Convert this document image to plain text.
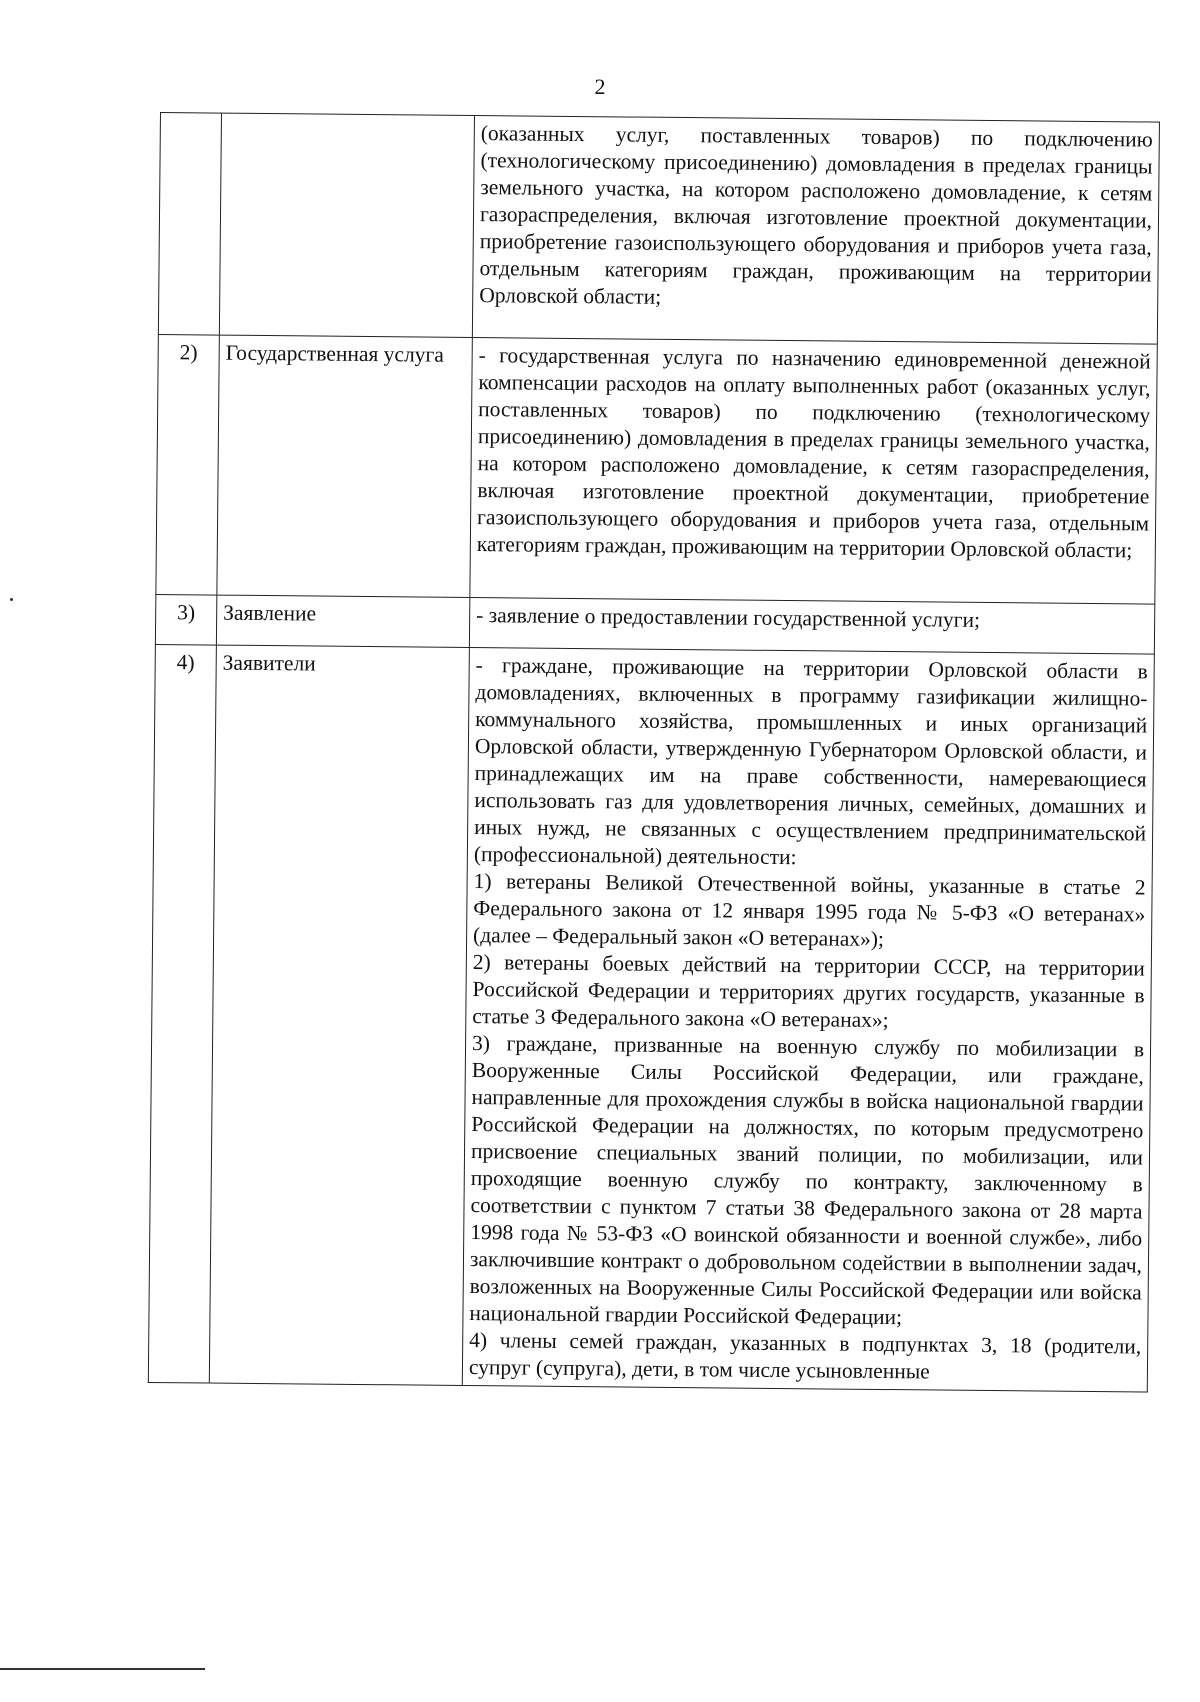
2

		(оказанных услуг, поставленных товаров) по подключению (технологическому присоединению) домовладения в пределах границы земельного участка, на котором расположено домовладение, к сетям газораспределения, включая изготовление проектной документации, приобретение газоиспользующего оборудования и приборов учета газа, отдельным категориям граждан, проживающим на территории Орловской области;

2)	Государственная услуга	- государственная услуга по назначению единовременной денежной компенсации расходов на оплату выполненных работ (оказанных услуг, поставленных товаров) по подключению (технологическому присоединению) домовладения в пределах границы земельного участка, на котором расположено домовладение, к сетям газораспределения, включая изготовление проектной документации, приобретение газоиспользующего оборудования и приборов учета газа, отдельным категориям граждан, проживающим на территории Орловской области;

3)	Заявление	- заявление о предоставлении государственной услуги;

4)	Заявители	- граждане, проживающие на территории Орловской области в домовладениях, включенных в программу газификации жилищно-коммунального хозяйства, промышленных и иных организаций Орловской области, утвержденную Губернатором Орловской области, и принадлежащих им на праве собственности, намеревающиеся использовать газ для удовлетворения личных, семейных, домашних и иных нужд, не связанных с осуществлением предпринимательской (профессиональной) деятельности:

1) ветераны Великой Отечественной войны, указанные в статье 2 Федерального закона от 12 января 1995 года № 5-ФЗ «О ветеранах» (далее – Федеральный закон «О ветеранах»);

2) ветераны боевых действий на территории СССР, на территории Российской Федерации и территориях других государств, указанные в статье 3 Федерального закона «О ветеранах»;

3) граждане, призванные на военную службу по мобилизации в Вооруженные Силы Российской Федерации, или граждане, направленные для прохождения службы в войска национальной гвардии Российской Федерации на должностях, по которым предусмотрено присвоение специальных званий полиции, по мобилизации, или проходящие военную службу по контракту, заключенному в соответствии с пунктом 7 статьи 38 Федерального закона от 28 марта 1998 года № 53-ФЗ «О воинской обязанности и военной службе», либо заключившие контракт о добровольном содействии в выполнении задач, возложенных на Вооруженные Силы Российской Федерации или войска национальной гвардии Российской Федерации;

4) члены семей граждан, указанных в подпунктах 3, 18 (родители, супруг (супруга), дети, в том числе усыновленные
